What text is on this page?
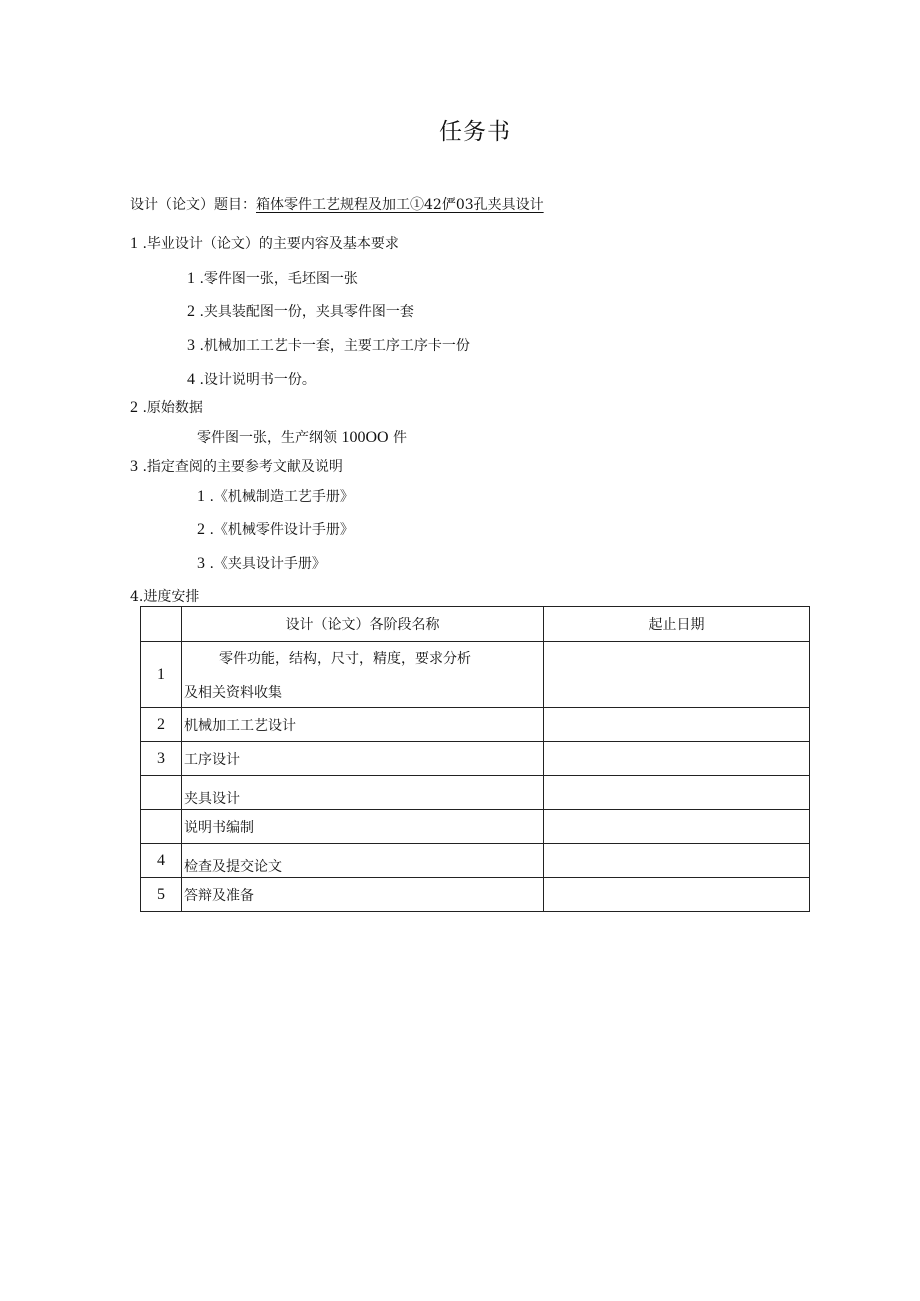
任务书
设计（论文）题目：箱体零件工艺规程及加工①42俨03孔夹具设计
1 .毕业设计（论文）的主要内容及基本要求
1 .零件图一张，毛坯图一张
2 .夹具装配图一份，夹具零件图一套
3 .机械加工工艺卡一套，主要工序工序卡一份
4 .设计说明书一份。
2 .原始数据
零件图一张，生产纲领 100OO 件
3 .指定查阅的主要参考文献及说明
1 .《机械制造工艺手册》
2 .《机械零件设计手册》
3 .《夹具设计手册》
4.进度安排
	设计（论文）各阶段名称	起止日期
1	零件功能，结构，尺寸，精度，要求分析
及相关资料收集	

2	机械加工工艺设计	

3	工序设计	

	夹具设计	

	说明书编制	

4	检查及提交论文	

5	答辩及准备	
